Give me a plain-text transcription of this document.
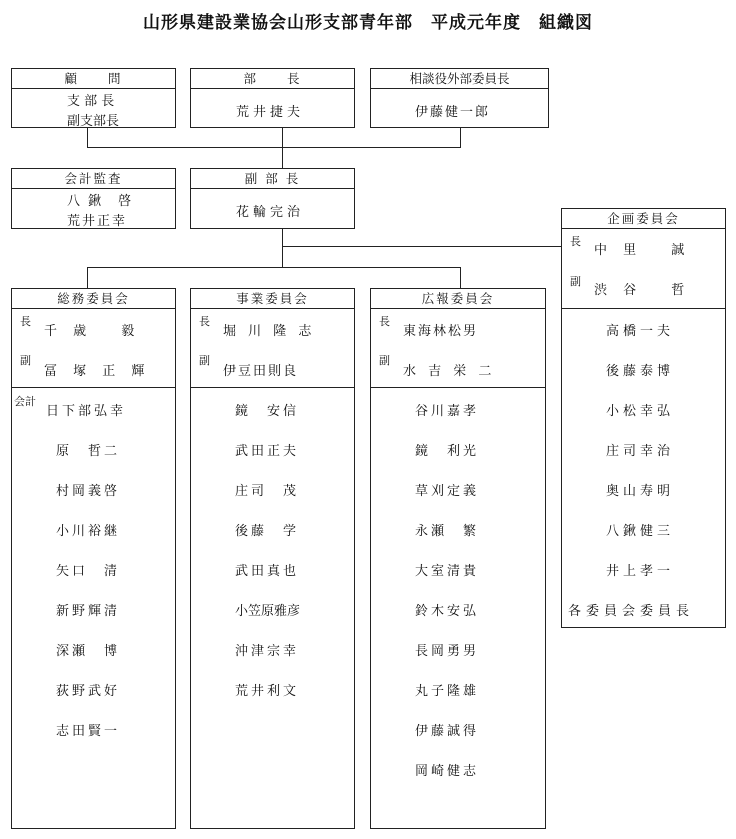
山形県建設業協会山形支部青年部　平成元年度　組織図
顧　　問
支 部 長
副支部長
部　　長
荒井捷夫
相談役外部委員長
伊藤健一郎
会計監査
八 鍬　啓
荒井正幸
副 部 長
花輪完治	企画委員会
長
中 里　 誠
副
渋 谷　 哲
高橋一夫
後藤泰博
小松幸弘
庄司幸治
奥山寿明
八鍬健三
井上孝一
各委員会委員長
総務委員会
長
千 歳　 毅
副
冨 塚 正 輝
会計
日下部弘幸
原　哲二
村岡義啓
小川裕継
矢口　清
新野輝清
深瀬　博
荻野武好
志田賢一
事業委員会
長
堀 川 隆 志
副
伊豆田則良
鏡　安信
武田正夫
庄司　茂
後藤　学
武田真也
小笠原雅彦
沖津宗幸
荒井利文
広報委員会
長
東海林松男
副
水 吉 栄 二
谷川嘉孝
鏡　利光
草刈定義
永瀬　繁
大室清貴
鈴木安弘
長岡勇男
丸子隆雄
伊藤誠得
岡崎健志
